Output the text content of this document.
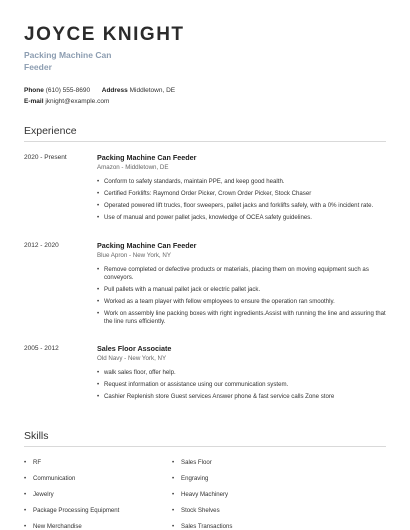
JOYCE KNIGHT
Packing Machine Can
Feeder
Phone (610) 555-8690 Address Middletown, DE
E-mail jknight@example.com
Experience
2020 - Present	Packing Machine Can Feeder
Amazon - Middletown, DE
• Conform to safety standards, maintain PPE, and keep good health.
• Certified Forklifts: Raymond Order Picker, Crown Order Picker, Stock Chaser
• Operated powered lift trucks, floor sweepers, pallet jacks and forklifts safely, with a 0% incident rate.
• Use of manual and power pallet jacks, knowledge of OCEA safety guidelines.
2012 - 2020	Packing Machine Can Feeder
Blue Apron - New York, NY
• Remove completed or defective products or materials, placing them on moving equipment such as conveyors.
• Pull pallets with a manual pallet jack or electric pallet jack.
• Worked as a team player with fellow employees to ensure the operation ran smoothly.
• Work on assembly line packing boxes with right ingredients.Assist with running the line and assuring that the line runs efficiently.
2005 - 2012	Sales Floor Associate
Old Navy - New York, NY
• walk sales floor, offer help.
• Request information or assistance using our communication system.
• Cashier Replenish store Guest services Answer phone & fast service calls Zone store
Skills
• RF
• Communication
• Jewelry
• Package Processing Equipment
• New Merchandise
• Sales Floor
• Engraving
• Heavy Machinery
• Stock Shelves
• Sales Transactions
